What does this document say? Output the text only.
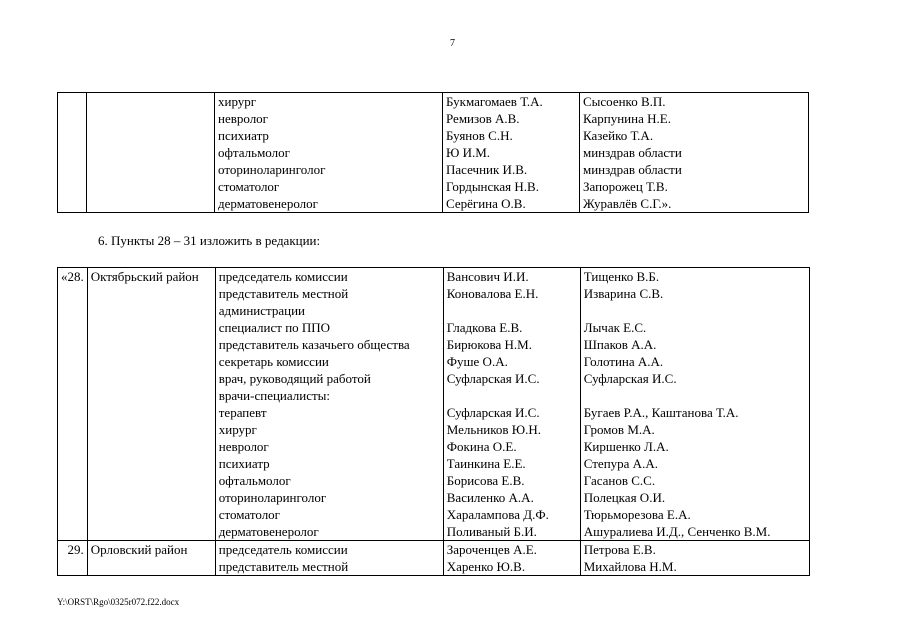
7
		хирург	Букмагомаев Т.А.	Сысоенко В.П.
		невролог	Ремизов А.В.	Карпунина Н.Е.
		психиатр	Буянов С.Н.	Казейко Т.А.
		офтальмолог	Ю И.М.	минздрав области
		оториноларинголог	Пасечник И.В.	минздрав области
		стоматолог	Гордынская Н.В.	Запорожец Т.В.
		дерматовенеролог	Серёгина О.В.	Журавлёв С.Г.».
6. Пункты 28 – 31 изложить в редакции:
«28.	Октябрьский район	председатель комиссии	Вансович И.И.	Тищенко В.Б.
		представитель местной	Коновалова Е.Н.	Изварина С.В.
		администрации		
		специалист по ППО	Гладкова Е.В.	Лычак Е.С.
		представитель казачьего общества	Бирюкова Н.М.	Шпаков А.А.
		секретарь комиссии	Фуше О.А.	Голотина А.А.
		врач, руководящий работой	Суфларская И.С.	Суфларская И.С.
		врачи-специалисты:		
		терапевт	Суфларская И.С.	Бугаев Р.А., Каштанова Т.А.
		хирург	Мельников Ю.Н.	Громов М.А.
		невролог	Фокина О.Е.	Киршенко Л.А.
		психиатр	Таинкина Е.Е.	Степура А.А.
		офтальмолог	Борисова Е.В.	Гасанов С.С.
		оториноларинголог	Василенко А.А.	Полецкая О.И.
		стоматолог	Харалампова Д.Ф.	Тюрьморезова Е.А.
		дерматовенеролог	Поливаный Б.И.	Ашуралиева И.Д., Сенченко В.М.
29.	Орловский район	председатель комиссии	Зароченцев А.Е.	Петрова Е.В.
		представитель местной	Харенко Ю.В.	Михайлова Н.М.
Y:\ORST\Rgo\0325r072.f22.docx
